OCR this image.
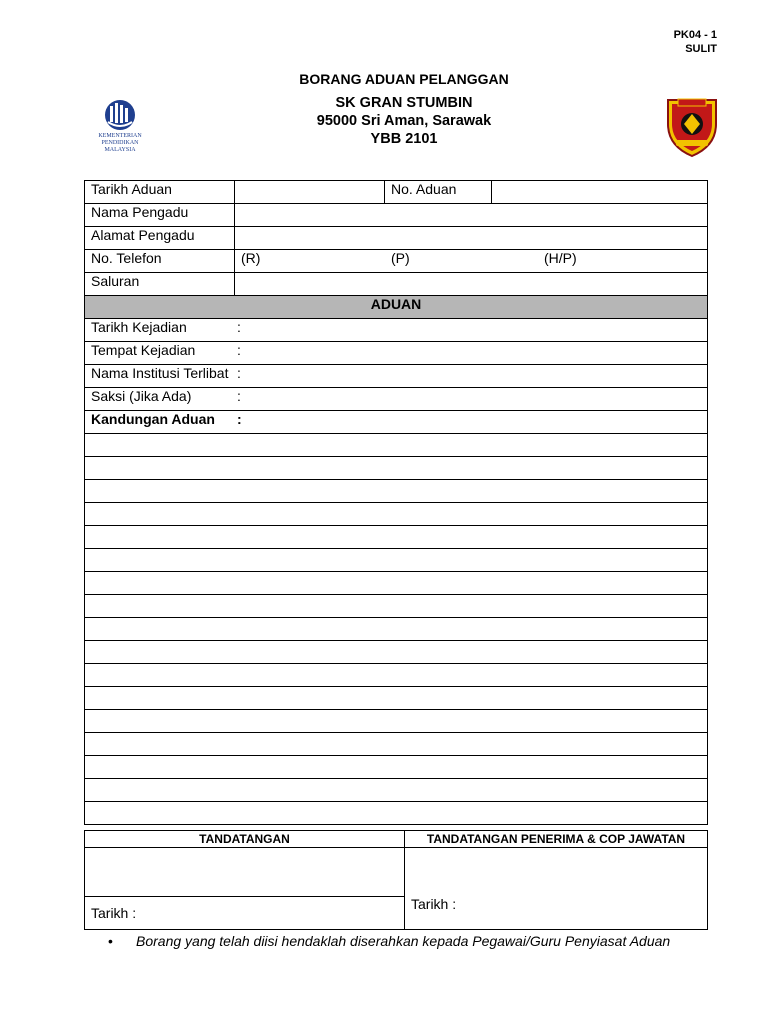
PK04 - 1
SULIT
BORANG ADUAN PELANGGAN
SK GRAN STUMBIN
95000 Sri Aman, Sarawak
YBB 2101
KEMENTERIAN
PENDIDIKAN
MALAYSIA
Tarikh Aduan		No. Aduan	
Nama Pengadu			
Alamat Pengadu			
No. Telefon	(R) (P) (H/P)		
Saluran			
ADUAN			
Tarikh Kejadian :			
Tempat Kejadian :			
Nama Institusi Terlibat :			
Saksi (Jika Ada) :			
Kandungan Aduan :			

TANDATANGAN	TANDATANGAN PENERIMA & COP JAWATAN

	Tarikh :

Tarikh :	
• Borang yang telah diisi hendaklah diserahkan kepada Pegawai/Guru Penyiasat Aduan
